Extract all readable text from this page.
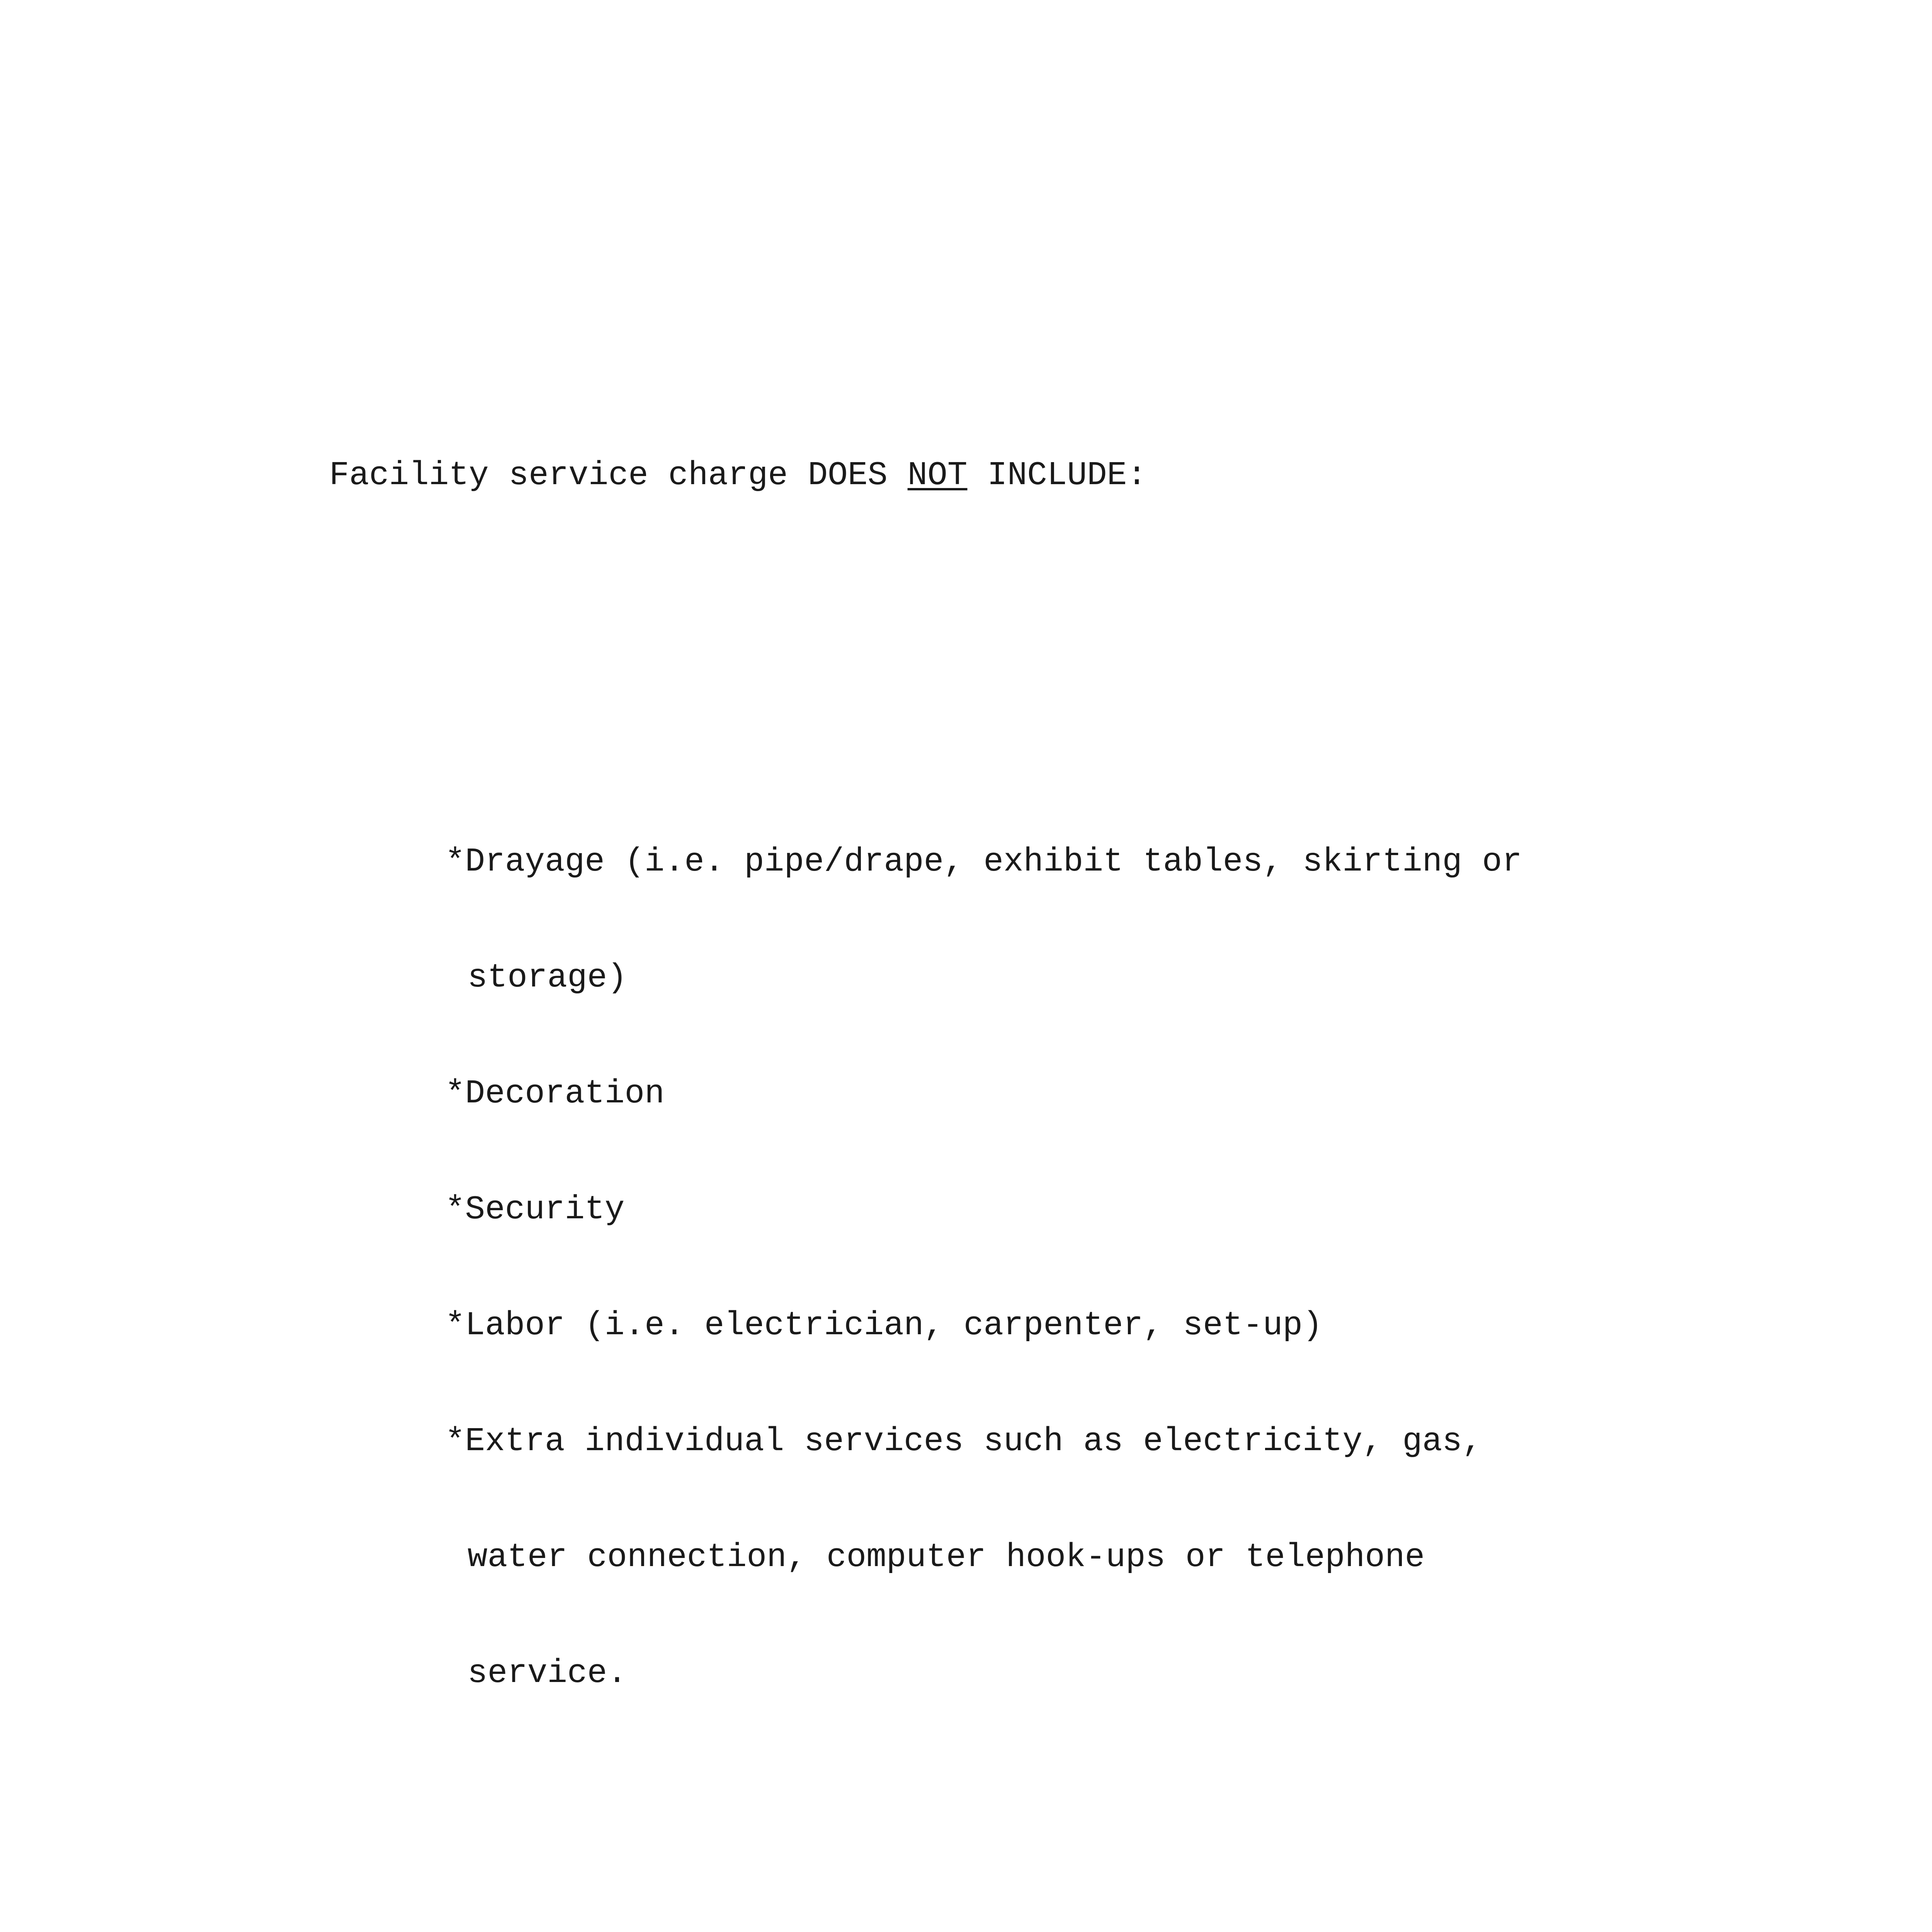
Facility service charge DOES NOT INCLUDE:

*Drayage (i.e. pipe/drape, exhibit tables, skirting or

storage)

*Decoration

*Security

*Labor (i.e. electrician, carpenter, set-up)

*Extra individual services such as electricity, gas,

water connection, computer hook-ups or telephone

service.
